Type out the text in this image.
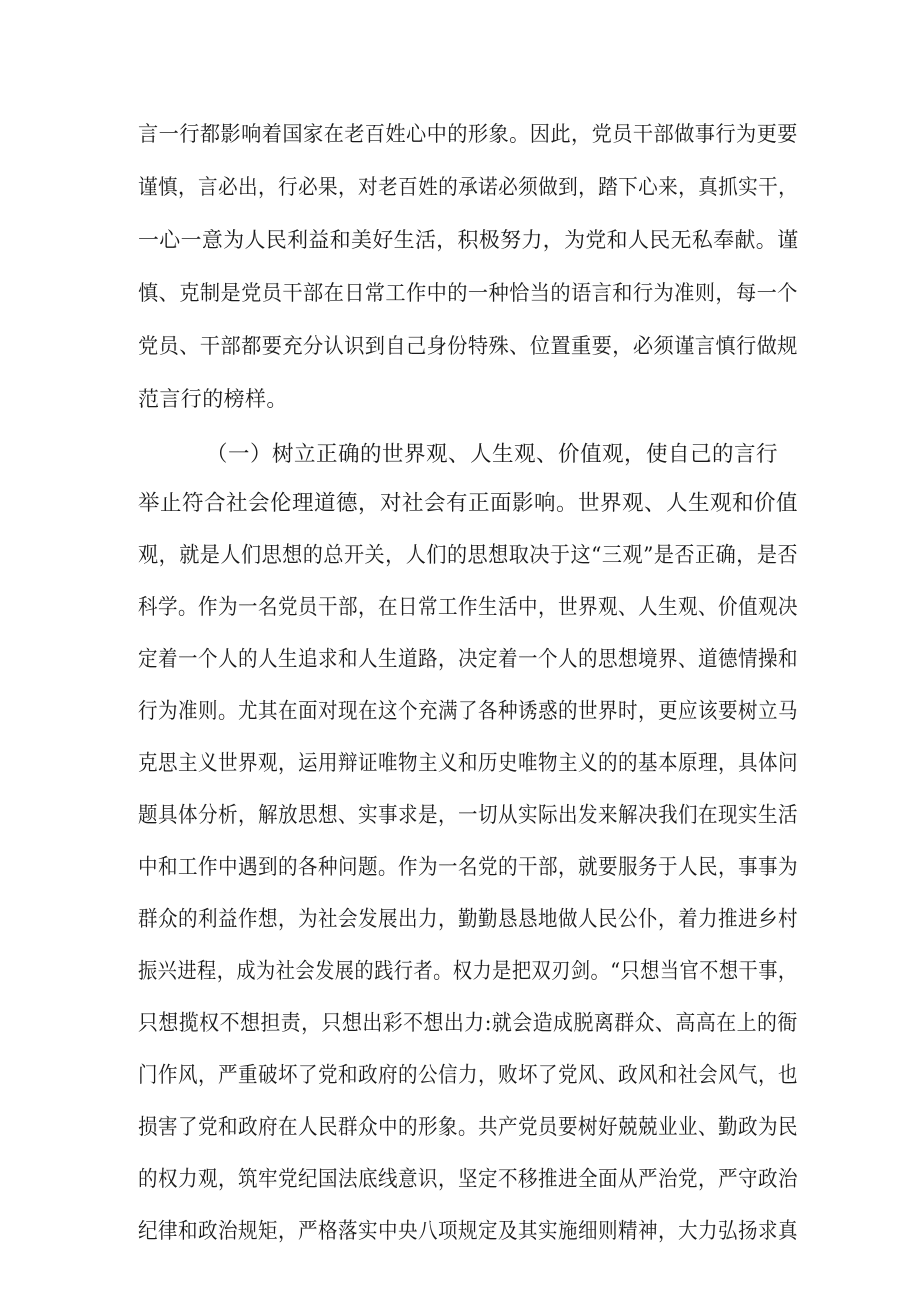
言一行都影响着国家在老百姓心中的形象。因此，党员干部做事行为更要
谨慎，言必出，行必果，对老百姓的承诺必须做到，踏下心来，真抓实干，
一心一意为人民利益和美好生活，积极努力，为党和人民无私奉献。谨
慎、克制是党员干部在日常工作中的一种恰当的语言和行为准则，每一个
党员、干部都要充分认识到自己身份特殊、位置重要，必须谨言慎行做规
范言行的榜样。
（一）树立正确的世界观、人生观、价值观，使自己的言行
举止符合社会伦理道德，对社会有正面影响。世界观、人生观和价值
观，就是人们思想的总开关，人们的思想取决于这“三观”是否正确，是否
科学。作为一名党员干部，在日常工作生活中，世界观、人生观、价值观决
定着一个人的人生追求和人生道路，决定着一个人的思想境界、道德情操和
行为准则。尤其在面对现在这个充满了各种诱惑的世界时，更应该要树立马
克思主义世界观，运用辩证唯物主义和历史唯物主义的的基本原理，具体问
题具体分析，解放思想、实事求是，一切从实际出发来解决我们在现实生活
中和工作中遇到的各种问题。作为一名党的干部，就要服务于人民，事事为
群众的利益作想，为社会发展出力，勤勤恳恳地做人民公仆，着力推进乡村
振兴进程，成为社会发展的践行者。权力是把双刃剑。“只想当官不想干事，
只想揽权不想担责，只想出彩不想出力:就会造成脱离群众、高高在上的衙
门作风，严重破坏了党和政府的公信力，败坏了党风、政风和社会风气，也
损害了党和政府在人民群众中的形象。共产党员要树好兢兢业业、勤政为民
的权力观，筑牢党纪国法底线意识，坚定不移推进全面从严治党，严守政治
纪律和政治规矩，严格落实中央八项规定及其实施细则精神，大力弘扬求真
